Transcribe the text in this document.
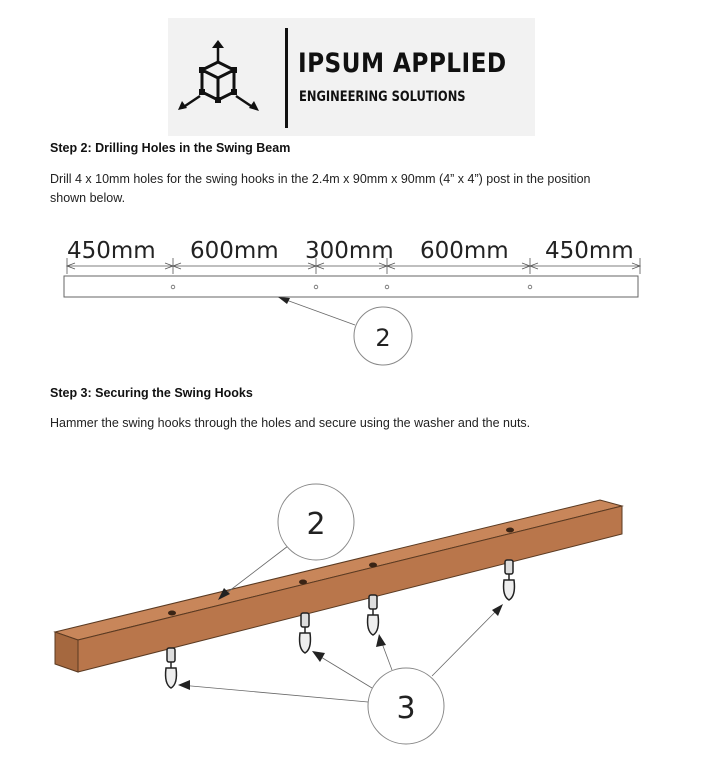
IPSUM APPLIED
ENGINEERING SOLUTIONS
Step 2: Drilling Holes in the Swing Beam
Drill 4 x 10mm holes for the swing hooks in the 2.4m x 90mm x 90mm (4” x 4”) post in the position
shown below.
450mm 600mm 300mm 600mm 450mm
2
Step 3: Securing the Swing Hooks
Hammer the swing hooks through the holes and secure using the washer and the nuts.
2
3
